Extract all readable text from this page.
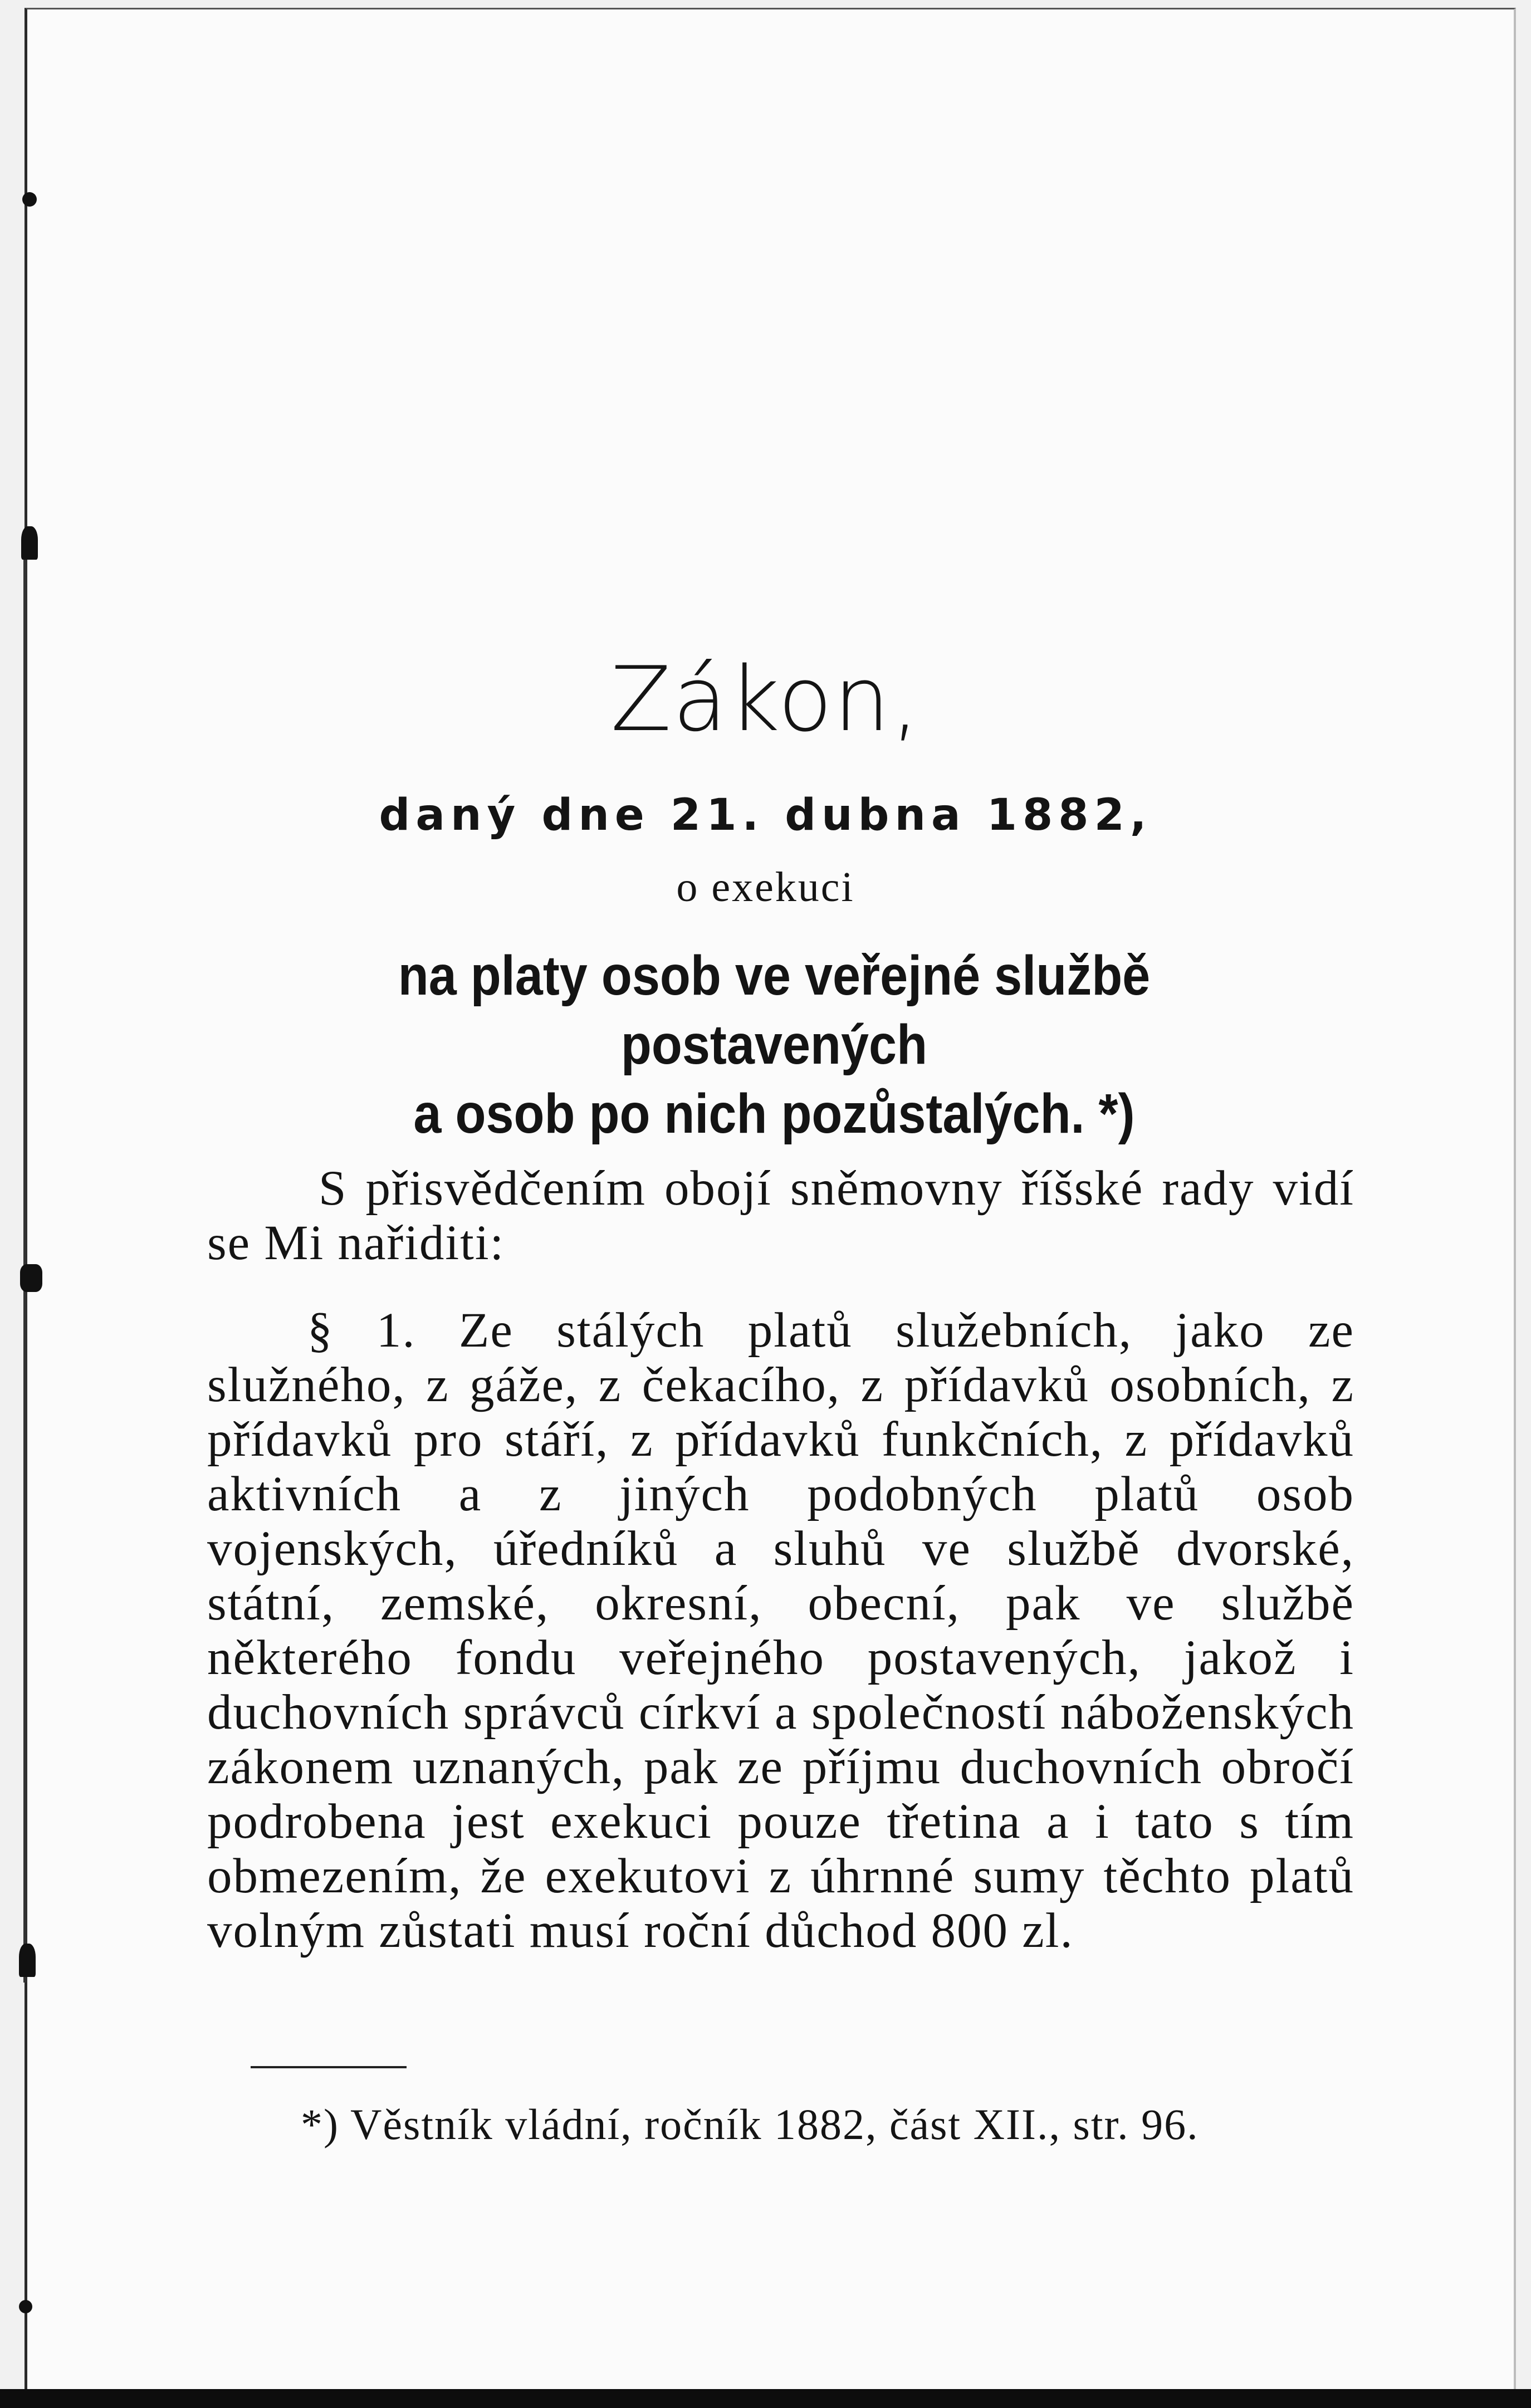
Zákon,
daný dne 21. dubna 1882,
o exekuci
na platy osob ve veřejné službě postavených
a osob po nich pozůstalých. *)

S přisvědčením obojí sněmovny říšské rady vidí se Mi nařiditi:

§ 1. Ze stálých platů služebních, jako ze služného, z gáže, z čekacího, z přídavků osobních, z přídavků pro stáří, z přídavků funkčních, z přídavků aktivních a z jiných podobných platů osob vojenských, úředníků a sluhů ve službě dvorské, státní, zemské, okresní, obecní, pak ve službě některého fondu veřejného postavených, jakož i duchovních správců církví a společností náboženských zákonem uznaných, pak ze příjmu duchovních obročí podrobena jest exekuci pouze třetina a i tato s tím obmezením, že exekutovi z úhrnné sumy těchto platů volným zůstati musí roční důchod 800 zl.

*) Věstník vládní, ročník 1882, část XII., str. 96.
